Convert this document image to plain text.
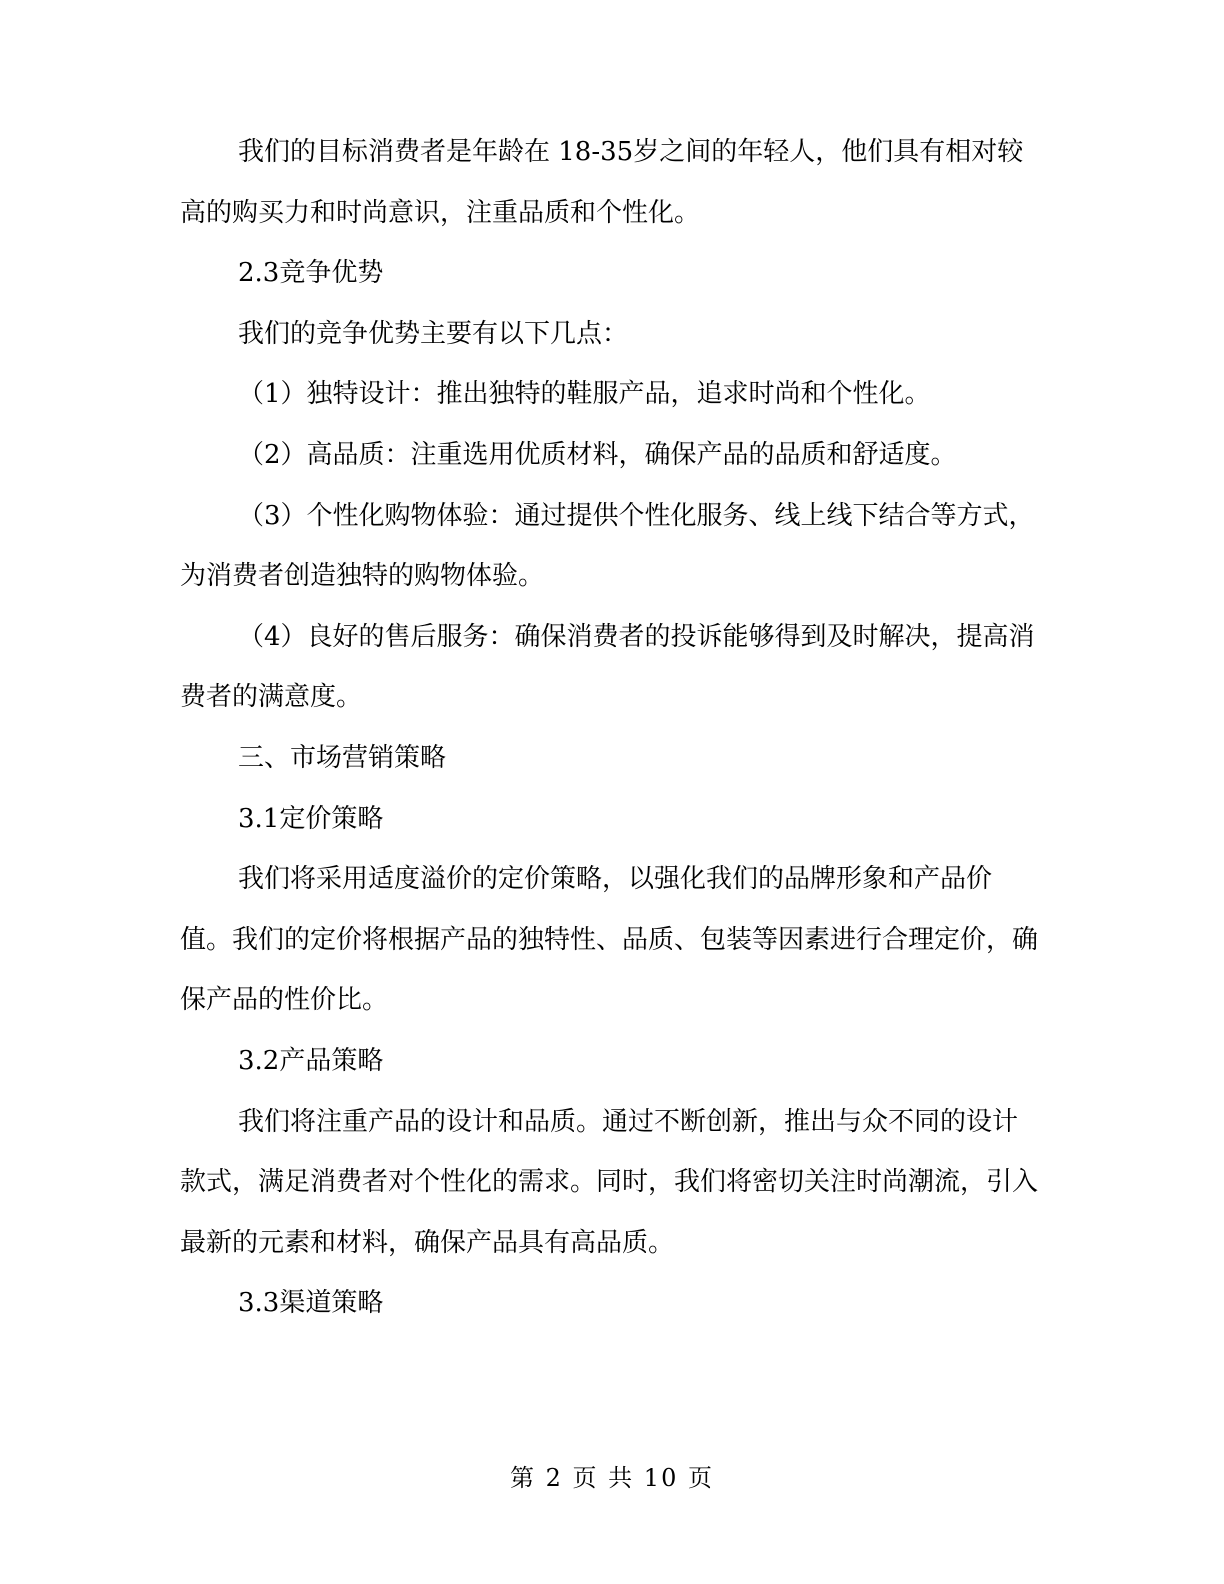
我们的目标消费者是年龄在 18-35岁之间的年轻人，他们具有相对较高的购买力和时尚意识，注重品质和个性化。

2.3竞争优势

我们的竞争优势主要有以下几点：

（1）独特设计：推出独特的鞋服产品，追求时尚和个性化。

（2）高品质：注重选用优质材料，确保产品的品质和舒适度。

（3）个性化购物体验：通过提供个性化服务、线上线下结合等方式，为消费者创造独特的购物体验。

（4）良好的售后服务：确保消费者的投诉能够得到及时解决，提高消费者的满意度。

三、市场营销策略

3.1定价策略

我们将采用适度溢价的定价策略，以强化我们的品牌形象和产品价值。我们的定价将根据产品的独特性、品质、包装等因素进行合理定价，确保产品的性价比。

3.2产品策略

我们将注重产品的设计和品质。通过不断创新，推出与众不同的设计款式，满足消费者对个性化的需求。同时，我们将密切关注时尚潮流，引入最新的元素和材料，确保产品具有高品质。

3.3渠道策略

第 2 页 共 10 页
